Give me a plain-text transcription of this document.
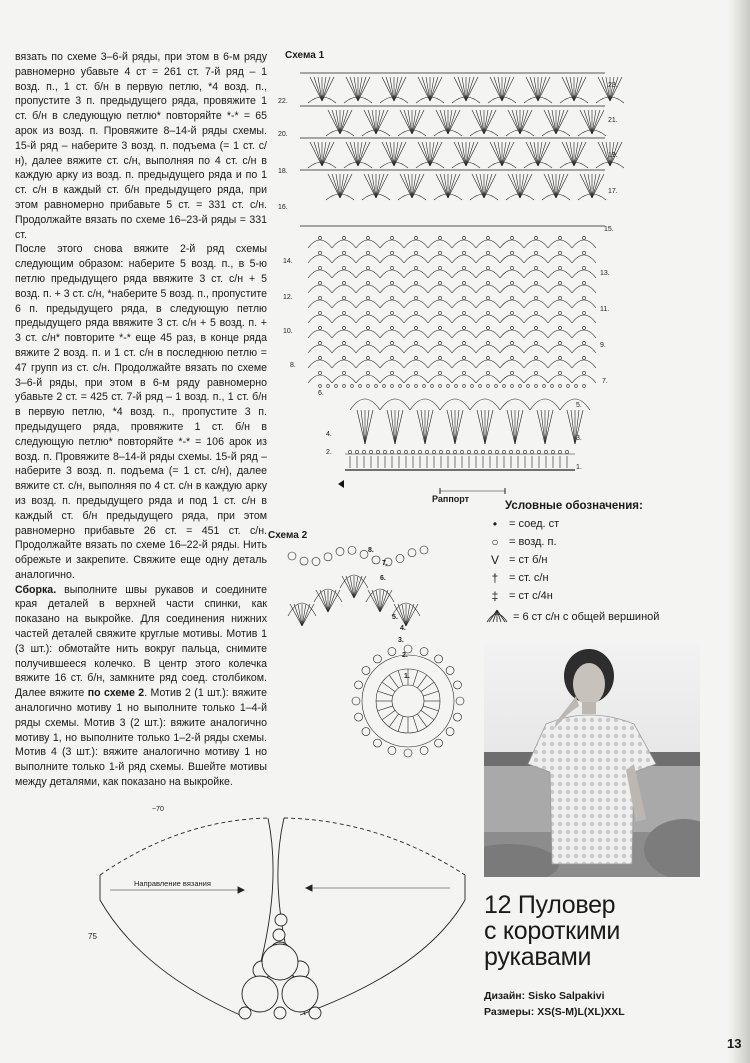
вязать по схеме 3–6-й ряды, при этом в 6-м ряду равномерно убавьте 4 ст = 261 ст. 7-й ряд – 1 возд. п., 1 ст. б/н в первую петлю, *4 возд. п., пропустите 3 п. предыдущего ряда, провяжите 1 ст. б/н в следующую петлю* повторяйте *-* = 65 арок из возд. п. Провяжите 8–14-й ряды схемы. 15-й ряд – наберите 3 возд. п. подъема (= 1 ст. с/н), далее вяжите ст. с/н, выполняя по 4 ст. с/н в каждую арку из возд. п. предыдущего ряда и по 1 ст. с/н в каждый ст. б/н предыдущего ряда, при этом равномерно прибавьте 5 ст. = 331 ст. с/н. Продолжайте вязать по схеме 16–23-й ряды = 331 ст.

После этого снова вяжите 2-й ряд схемы следующим образом: наберите 5 возд. п., в 5-ю петлю предыдущего ряда ввяжите 3 ст. с/н + 5 возд. п. + 3 ст. с/н, *наберите 5 возд. п., пропустите 6 п. предыдущего ряда, в следующую петлю предыдущего ряда ввяжите 3 ст. с/н + 5 возд. п. + 3 ст. с/н* повторите *-* еще 45 раз, в конце ряда вяжите 2 возд. п. и 1 ст. с/н в последнюю петлю = 47 групп из ст. с/н. Продолжайте вязать по схеме 3–6-й ряды, при этом в 6-м ряду равномерно убавьте 2 ст. = 425 ст. 7-й ряд – 1 возд. п., 1 ст. б/н в первую петлю, *4 возд. п., пропустите 3 п. предыдущего ряда, провяжите 1 ст. б/н в следующую петлю* повторяйте *-* = 106 арок из возд. п. Провяжите 8–14-й ряды схемы. 15-й ряд – наберите 3 возд. п. подъема (= 1 ст. с/н), далее вяжите ст. с/н, выполняя по 4 ст. с/н в каждую арку из возд. п. предыдущего ряда и под 1 ст. с/н в каждый ст. б/н предыдущего ряда, при этом равномерно прибавьте 26 ст. = 451 ст. с/н. Продолжайте вязать по схеме 16–22-й ряды. Нить обрежьте и закрепите. Свяжите еще одну деталь аналогично.

Сборка. выполните швы рукавов и соедините края деталей в верхней части спинки, как показано на выкройке. Для соединения нижних частей деталей свяжите круглые мотивы. Мотив 1 (3 шт.): обмотайте нить вокруг пальца, снимите получившееся колечко. В центр этого колечка вяжите 16 ст. б/н, замкните ряд соед. столбиком. Далее вяжите по схеме 2. Мотив 2 (1 шт.): вяжите аналогично мотиву 1 но выполните только 1–4-й ряды схемы. Мотив 3 (2 шт.): вяжите аналогично мотиву 1, но выполните только 1–2-й ряды схемы. Мотив 4 (3 шт.): вяжите аналогично мотиву 1 но выполните только 1-й ряд схемы. Вшейте мотивы между деталями, как показано на выкройке.

Схема 1
22.
20.
18.
16.
14.
12.
10.
8.
6.
4.
2.
23.
21.
19.
17.
15.
13.
11.
9.
7.
5.
3.
1.
Раппорт
Схема 2
8.
7.
6.
5.
4.
3.
2.
1.
Условные обозначения:
•	= соед. ст
○ = возд. п.
V = ст б/н
† = ст. с/н
‡ = ст с/4н
= 6 ст с/н с общей вершиной
12 Пуловер
с короткими
рукавами
Дизайн: Sisko Salpakivi
Размеры: XS(S-M)L(XL)XXL
~70
75
Направление вязания
13
